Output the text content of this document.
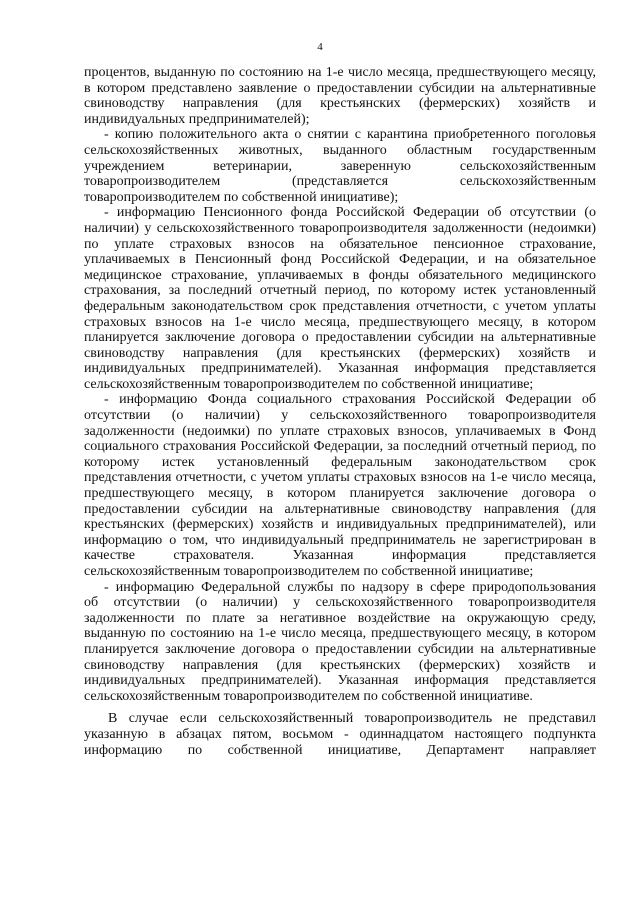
4
процентов, выданную по состоянию на 1-е число месяца, предшествующего месяцу,
в котором представлено заявление о предоставлении субсидии на альтернативные
свиноводству направления (для крестьянских (фермерских) хозяйств и
индивидуальных предпринимателей);
- копию положительного акта о снятии с карантина приобретенного поголовья
сельскохозяйственных животных, выданного областным государственным
учреждением ветеринарии, заверенную сельскохозяйственным
товаропроизводителем (представляется сельскохозяйственным
товаропроизводителем по собственной инициативе);
- информацию Пенсионного фонда Российской Федерации об отсутствии (о
наличии) у сельскохозяйственного товаропроизводителя задолженности (недоимки)
по уплате страховых взносов на обязательное пенсионное страхование,
уплачиваемых в Пенсионный фонд Российской Федерации, и на обязательное
медицинское страхование, уплачиваемых в фонды обязательного медицинского
страхования, за последний отчетный период, по которому истек установленный
федеральным законодательством срок представления отчетности, с учетом уплаты
страховых взносов на 1-е число месяца, предшествующего месяцу, в котором
планируется заключение договора о предоставлении субсидии на альтернативные
свиноводству направления (для крестьянских (фермерских) хозяйств и
индивидуальных предпринимателей). Указанная информация представляется
сельскохозяйственным товаропроизводителем по собственной инициативе;
- информацию Фонда социального страхования Российской Федерации об
отсутствии (о наличии) у сельскохозяйственного товаропроизводителя
задолженности (недоимки) по уплате страховых взносов, уплачиваемых в Фонд
социального страхования Российской Федерации, за последний отчетный период, по
которому истек установленный федеральным законодательством срок
представления отчетности, с учетом уплаты страховых взносов на 1-е число месяца,
предшествующего месяцу, в котором планируется заключение договора о
предоставлении субсидии на альтернативные свиноводству направления (для
крестьянских (фермерских) хозяйств и индивидуальных предпринимателей), или
информацию о том, что индивидуальный предприниматель не зарегистрирован в
качестве страхователя. Указанная информация представляется
сельскохозяйственным товаропроизводителем по собственной инициативе;
- информацию Федеральной службы по надзору в сфере природопользования
об отсутствии (о наличии) у сельскохозяйственного товаропроизводителя
задолженности по плате за негативное воздействие на окружающую среду,
выданную по состоянию на 1-е число месяца, предшествующего месяцу, в котором
планируется заключение договора о предоставлении субсидии на альтернативные
свиноводству направления (для крестьянских (фермерских) хозяйств и
индивидуальных предпринимателей). Указанная информация представляется
сельскохозяйственным товаропроизводителем по собственной инициативе.
В случае если сельскохозяйственный товаропроизводитель не представил
указанную в абзацах пятом, восьмом - одиннадцатом настоящего подпункта
информацию по собственной инициативе, Департамент направляет
